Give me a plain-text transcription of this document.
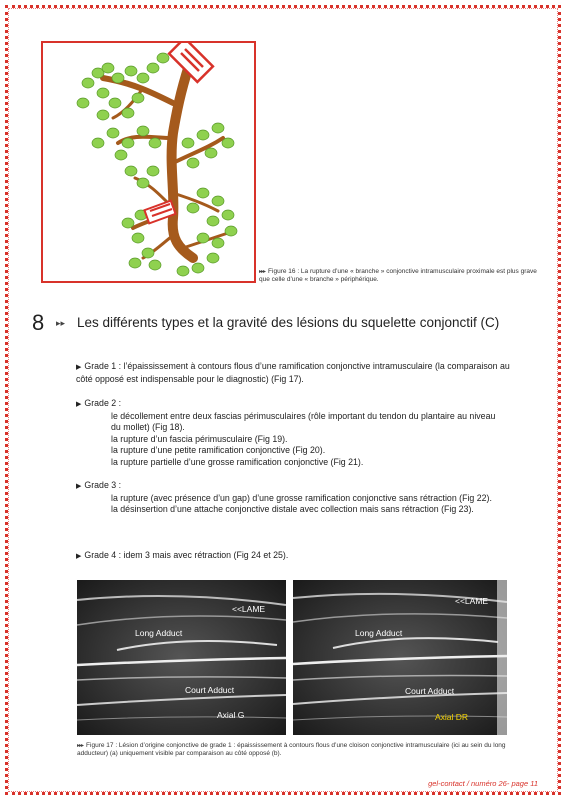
▸▸▸ Figure 16 : La rupture d’une « branche » conjonctive intramusculaire proximale est plus grave que celle d’une « branche » périphérique.
8 ▸▸ Les différents types et la gravité des lésions du squelette conjonctif (C)
▶ Grade 1 : l’épaississement à contours flous d’une ramification conjonctive intramusculaire (la comparaison au côté opposé est indispensable pour le diagnostic) (Fig 17).
▶ Grade 2 :
le décollement entre deux fascias périmusculaires (rôle important du tendon du plantaire au niveau du mollet) (Fig 18).
la rupture d’un fascia périmusculaire (Fig 19).
la rupture d’une petite ramification conjonctive (Fig 20).
la rupture partielle d’une grosse ramification conjonctive (Fig 21).
▶ Grade 3 :
la rupture (avec présence d’un gap) d’une grosse ramification conjonctive sans rétraction (Fig 22).
la désinsertion d’une attache conjonctive distale avec collection mais sans rétraction (Fig 23).
▶ Grade 4 : idem 3 mais avec rétraction (Fig 24 et 25).
<<LAME
Long Adduct
Court Adduct
Axial G
<<LAME
Long Adduct
Court Adduct
Axial DR
▸▸▸ Figure 17 : Lésion d’origine conjonctive de grade 1 : épaississement à contours flous d’une cloison conjonctive intramusculaire (ici au sein du long adducteur) (a) uniquement visible par comparaison au côté opposé (b).
gel-contact / numéro 26- page 11
